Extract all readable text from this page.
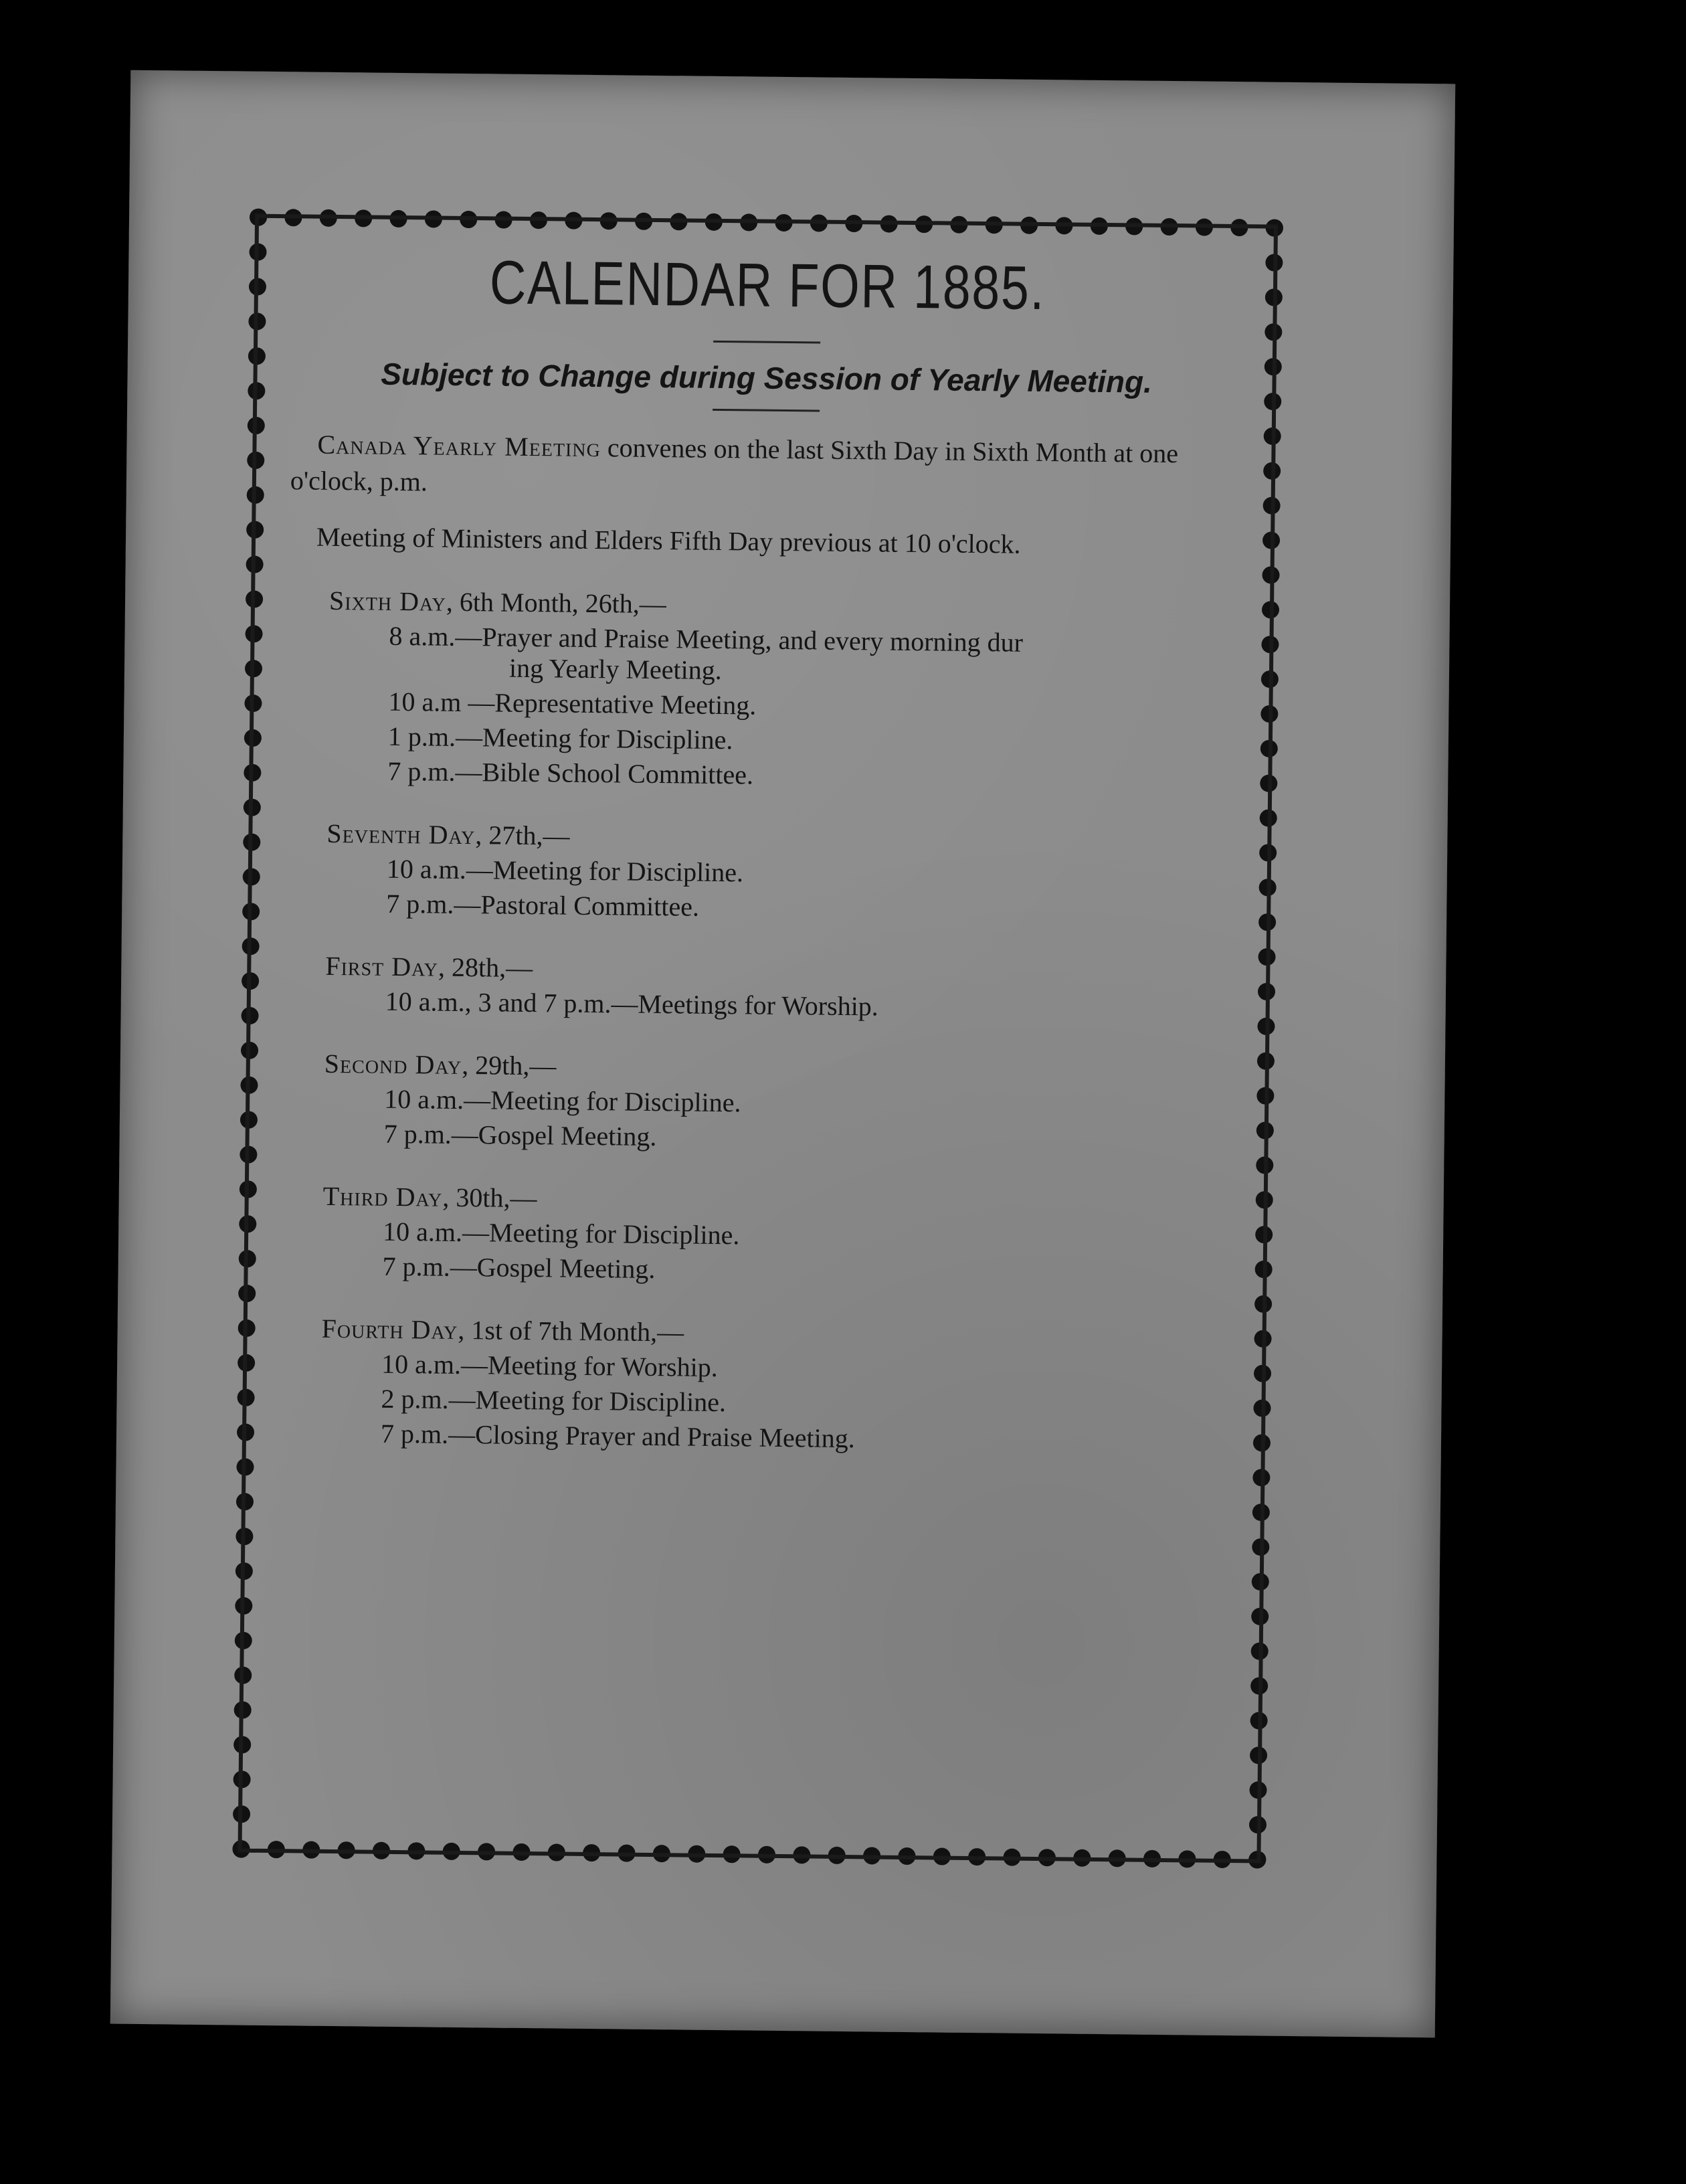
CALENDAR FOR 1885.
Subject to Change during Session of Yearly Meeting.

Canada Yearly Meeting convenes on the last Sixth Day in Sixth Month at one o'clock, p.m.

Meeting of Ministers and Elders Fifth Day previous at 10 o'clock.

Sixth Day, 6th Month, 26th,—
8 a.m.—Prayer and Praise Meeting, and every morning dur
ing Yearly Meeting.
10 a.m —Representative Meeting.
1 p.m.—Meeting for Discipline.
7 p.m.—Bible School Committee.
Seventh Day, 27th,—
10 a.m.—Meeting for Discipline.
7 p.m.—Pastoral Committee.
First Day, 28th,—
10 a.m., 3 and 7 p.m.—Meetings for Worship.
Second Day, 29th,—
10 a.m.—Meeting for Discipline.
7 p.m.—Gospel Meeting.
Third Day, 30th,—
10 a.m.—Meeting for Discipline.
7 p.m.—Gospel Meeting.
Fourth Day, 1st of 7th Month,—
10 a.m.—Meeting for Worship.
2 p.m.—Meeting for Discipline.
7 p.m.—Closing Prayer and Praise Meeting.
